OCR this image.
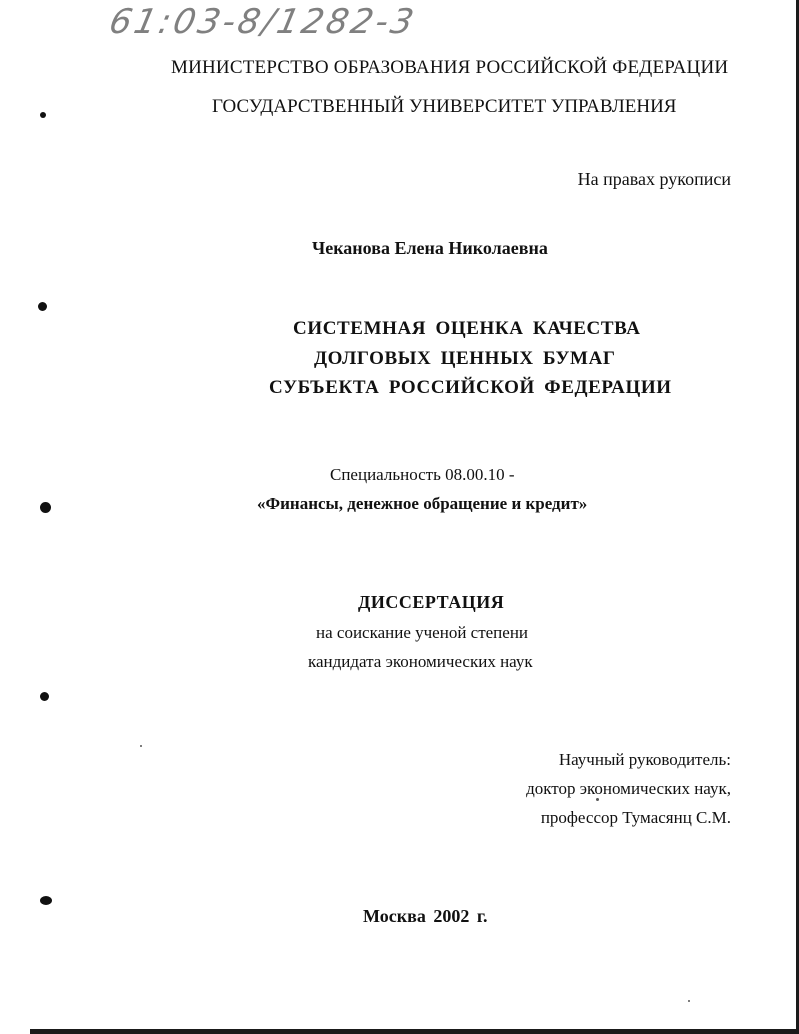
61:03-8/1282-3
МИНИСТЕРСТВО ОБРАЗОВАНИЯ РОССИЙСКОЙ ФЕДЕРАЦИИ
ГОСУДАРСТВЕННЫЙ УНИВЕРСИТЕТ УПРАВЛЕНИЯ
На правах рукописи
Чеканова Елена Николаевна
СИСТЕМНАЯ ОЦЕНКА КАЧЕСТВА
ДОЛГОВЫХ ЦЕННЫХ БУМАГ
СУБЪЕКТА РОССИЙСКОЙ ФЕДЕРАЦИИ
Специальность 08.00.10 -
«Финансы, денежное обращение и кредит»
ДИССЕРТАЦИЯ
на соискание ученой степени
кандидата экономических наук
Научный руководитель:
доктор экономических наук,
профессор Тумасянц С.М.
Москва 2002 г.
